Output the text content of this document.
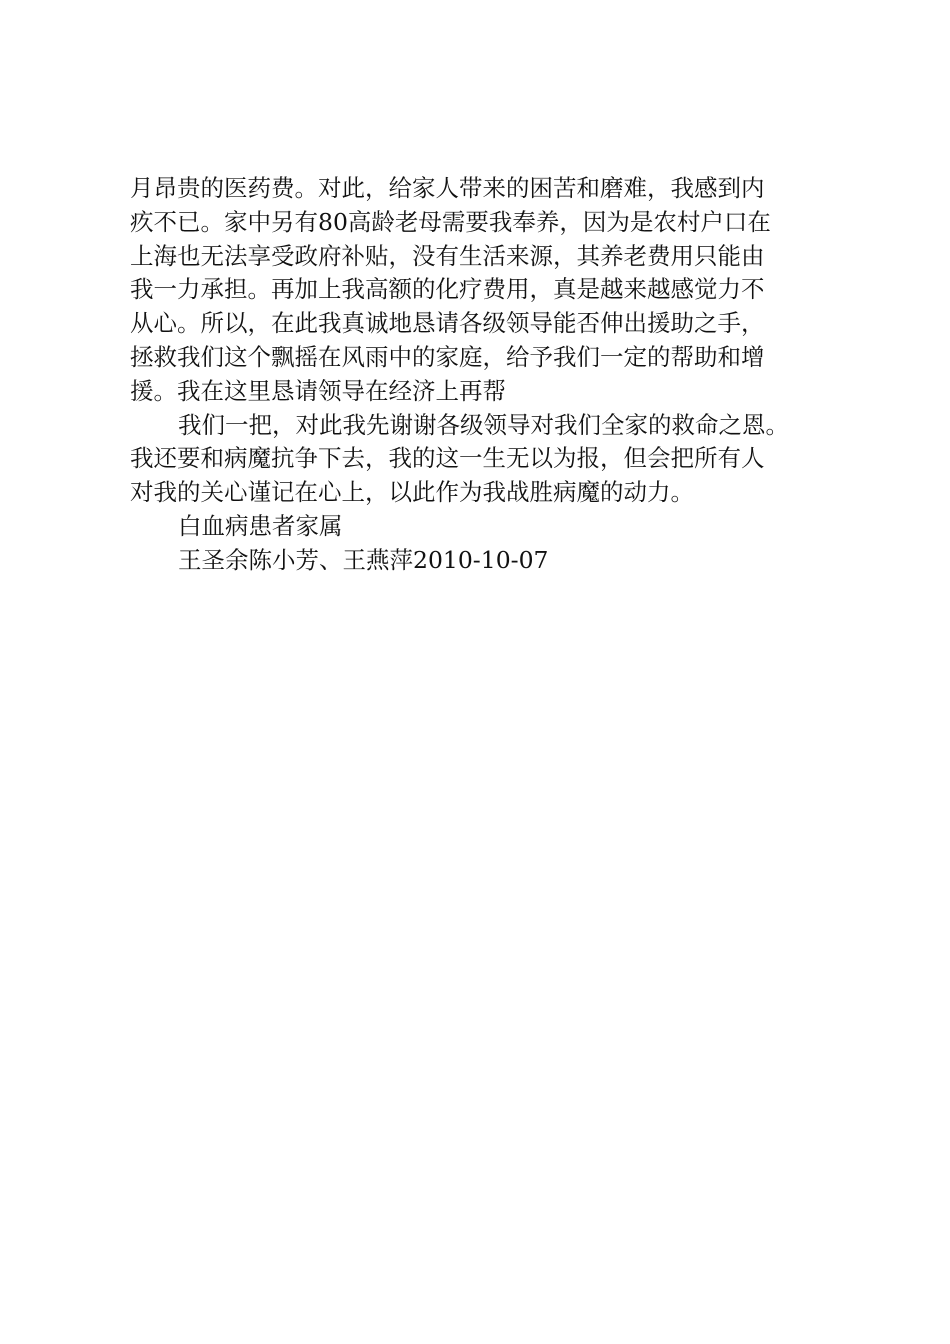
月昂贵的医药费。对此，给家人带来的困苦和磨难，我感到内
疚不已。家中另有80高龄老母需要我奉养，因为是农村户口在
上海也无法享受政府补贴，没有生活来源，其养老费用只能由
我一力承担。再加上我高额的化疗费用，真是越来越感觉力不
从心。所以，在此我真诚地恳请各级领导能否伸出援助之手，
拯救我们这个飘摇在风雨中的家庭，给予我们一定的帮助和增
援。我在这里恳请领导在经济上再帮
我们一把，对此我先谢谢各级领导对我们全家的救命之恩。
我还要和病魔抗争下去，我的这一生无以为报，但会把所有人
对我的关心谨记在心上，以此作为我战胜病魔的动力。
白血病患者家属
王圣余陈小芳、王燕萍2010-10-07
